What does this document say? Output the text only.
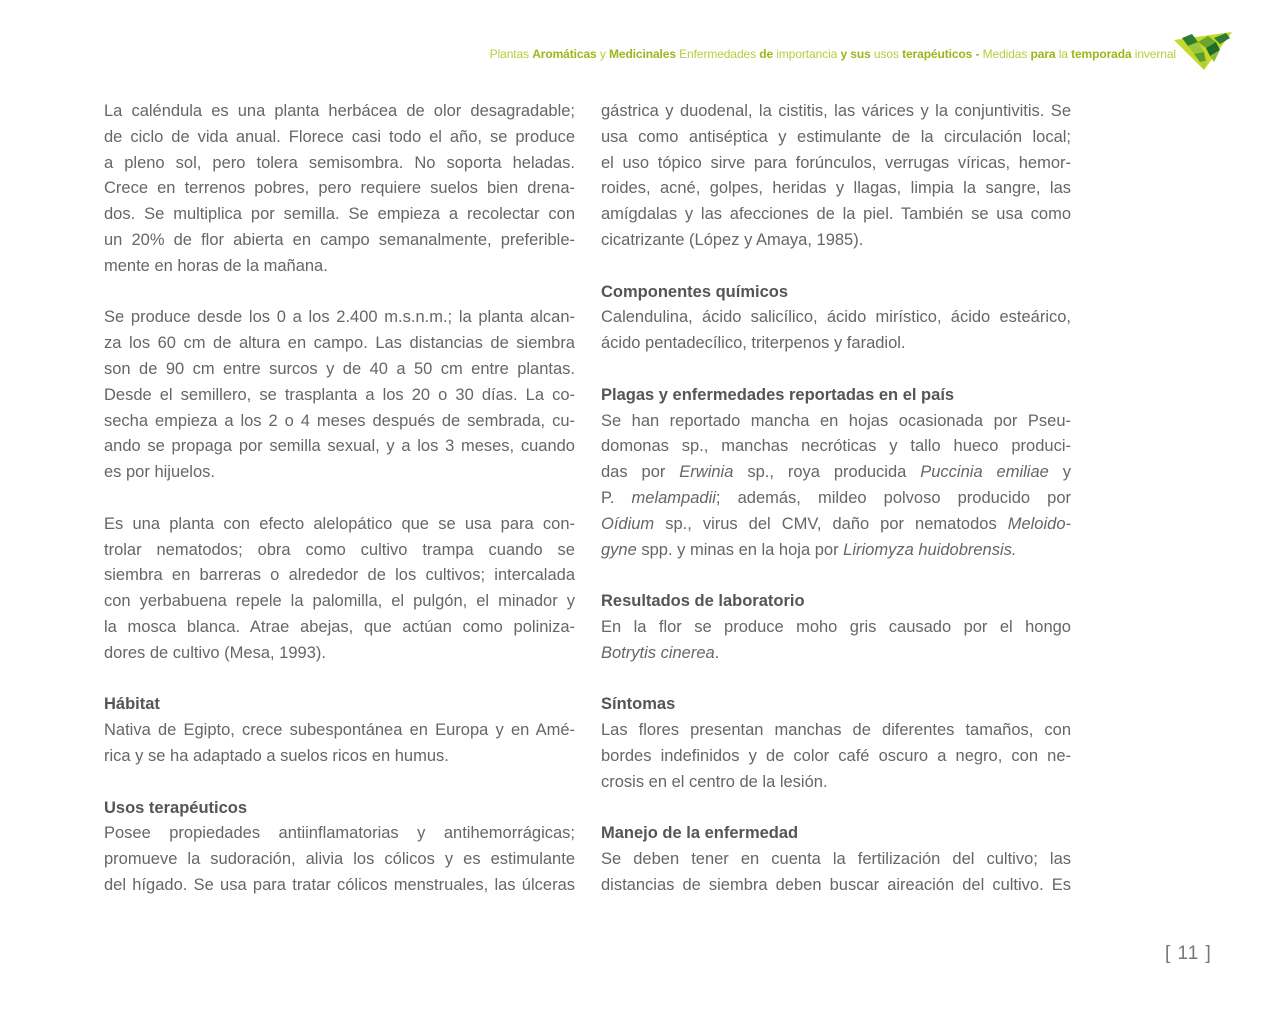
Plantas Aromáticas y Medicinales Enfermedades de importancia y sus usos terapéuticos - Medidas para la temporada invernal
La caléndula es una planta herbácea de olor desagradable;
de ciclo de vida anual. Florece casi todo el año, se produce
a pleno sol, pero tolera semisombra. No soporta heladas.
Crece en terrenos pobres, pero requiere suelos bien drena-
dos. Se multiplica por semilla. Se empieza a recolectar con
un 20% de flor abierta en campo semanalmente, preferible-
mente en horas de la mañana.
Se produce desde los 0 a los 2.400 m.s.n.m.; la planta alcan-
za los 60 cm de altura en campo. Las distancias de siembra
son de 90 cm entre surcos y de 40 a 50 cm entre plantas.
Desde el semillero, se trasplanta a los 20 o 30 días. La co-
secha empieza a los 2 o 4 meses después de sembrada, cu-
ando se propaga por semilla sexual, y a los 3 meses, cuando
es por hijuelos.
Es una planta con efecto alelopático que se usa para con-
trolar nematodos; obra como cultivo trampa cuando se
siembra en barreras o alrededor de los cultivos; intercalada
con yerbabuena repele la palomilla, el pulgón, el minador y
la mosca blanca. Atrae abejas, que actúan como poliniza-
dores de cultivo (Mesa, 1993).
Hábitat
Nativa de Egipto, crece subespontánea en Europa y en Amé-
rica y se ha adaptado a suelos ricos en humus.
Usos terapéuticos
Posee propiedades antiinflamatorias y antihemorrágicas;
promueve la sudoración, alivia los cólicos y es estimulante
del hígado. Se usa para tratar cólicos menstruales, las úlceras
gástrica y duodenal, la cistitis, las várices y la conjuntivitis. Se
usa como antiséptica y estimulante de la circulación local;
el uso tópico sirve para forúnculos, verrugas víricas, hemor-
roides, acné, golpes, heridas y llagas, limpia la sangre, las
amígdalas y las afecciones de la piel. También se usa como
cicatrizante (López y Amaya, 1985).
Componentes químicos
Calendulina, ácido salicílico, ácido mirístico, ácido esteárico,
ácido pentadecílico, triterpenos y faradiol.
Plagas y enfermedades reportadas en el país
Se han reportado mancha en hojas ocasionada por Pseu-
domonas sp., manchas necróticas y tallo hueco produci-
das por Erwinia sp., roya producida Puccinia emiliae y
P. melampadii; además, mildeo polvoso producido por
Oídium sp., virus del CMV, daño por nematodos Meloido-
gyne spp. y minas en la hoja por Liriomyza huidobrensis.
Resultados de laboratorio
En la flor se produce moho gris causado por el hongo
Botrytis cinerea.
Síntomas
Las flores presentan manchas de diferentes tamaños, con
bordes indefinidos y de color café oscuro a negro, con ne-
crosis en el centro de la lesión.
Manejo de la enfermedad
Se deben tener en cuenta la fertilización del cultivo; las
distancias de siembra deben buscar aireación del cultivo. Es
[ 11 ]
